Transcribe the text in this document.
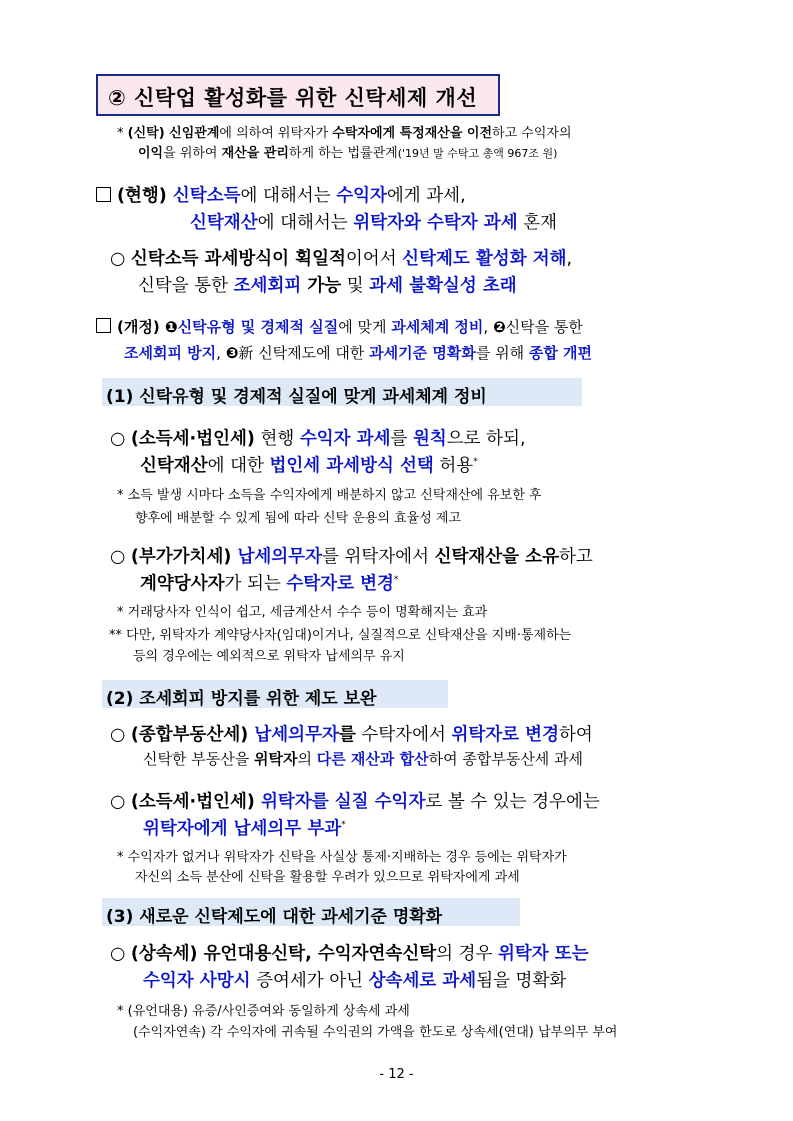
② 신탁업 활성화를 위한 신탁세제 개선
* (신탁) 신임관계에 의하여 위탁자가 수탁자에게 특정재산을 이전하고 수익자의
이익을 위하여 재산을 관리하게 하는 법률관계('19년 말 수탁고 총액 967조 원)
(현행) 신탁소득에 대해서는 수익자에게 과세,
신탁재산에 대해서는 위탁자와 수탁자 과세 혼재
○ 신탁소득 과세방식이 획일적이어서 신탁제도 활성화 저해,
신탁을 통한 조세회피 가능 및 과세 불확실성 초래
(개정) ❶신탁유형 및 경제적 실질에 맞게 과세체계 정비, ❷신탁을 통한
조세회피 방지, ❸新 신탁제도에 대한 과세기준 명확화를 위해 종합 개편
(1) 신탁유형 및 경제적 실질에 맞게 과세체계 정비
○ (소득세·법인세) 현행 수익자 과세를 원칙으로 하되,
신탁재산에 대한 법인세 과세방식 선택 허용*
* 소득 발생 시마다 소득을 수익자에게 배분하지 않고 신탁재산에 유보한 후
향후에 배분할 수 있게 됨에 따라 신탁 운용의 효율성 제고
○ (부가가치세) 납세의무자를 위탁자에서 신탁재산을 소유하고
계약당사자가 되는 수탁자로 변경*
* 거래당사자 인식이 쉽고, 세금계산서 수수 등이 명확해지는 효과
** 다만, 위탁자가 계약당사자(임대)이거나, 실질적으로 신탁재산을 지배·통제하는
등의 경우에는 예외적으로 위탁자 납세의무 유지
(2) 조세회피 방지를 위한 제도 보완
○ (종합부동산세) 납세의무자를 수탁자에서 위탁자로 변경하여
신탁한 부동산을 위탁자의 다른 재산과 합산하여 종합부동산세 과세
○ (소득세·법인세) 위탁자를 실질 수익자로 볼 수 있는 경우에는
위탁자에게 납세의무 부과*
* 수익자가 없거나 위탁자가 신탁을 사실상 통제·지배하는 경우 등에는 위탁자가
자신의 소득 분산에 신탁을 활용할 우려가 있으므로 위탁자에게 과세
(3) 새로운 신탁제도에 대한 과세기준 명확화
○ (상속세) 유언대용신탁, 수익자연속신탁의 경우 위탁자 또는
수익자 사망시 증여세가 아닌 상속세로 과세됨을 명확화
* (유언대용) 유증/사인증여와 동일하게 상속세 과세
(수익자연속) 각 수익자에 귀속될 수익권의 가액을 한도로 상속세(연대) 납부의무 부여
- 12 -
